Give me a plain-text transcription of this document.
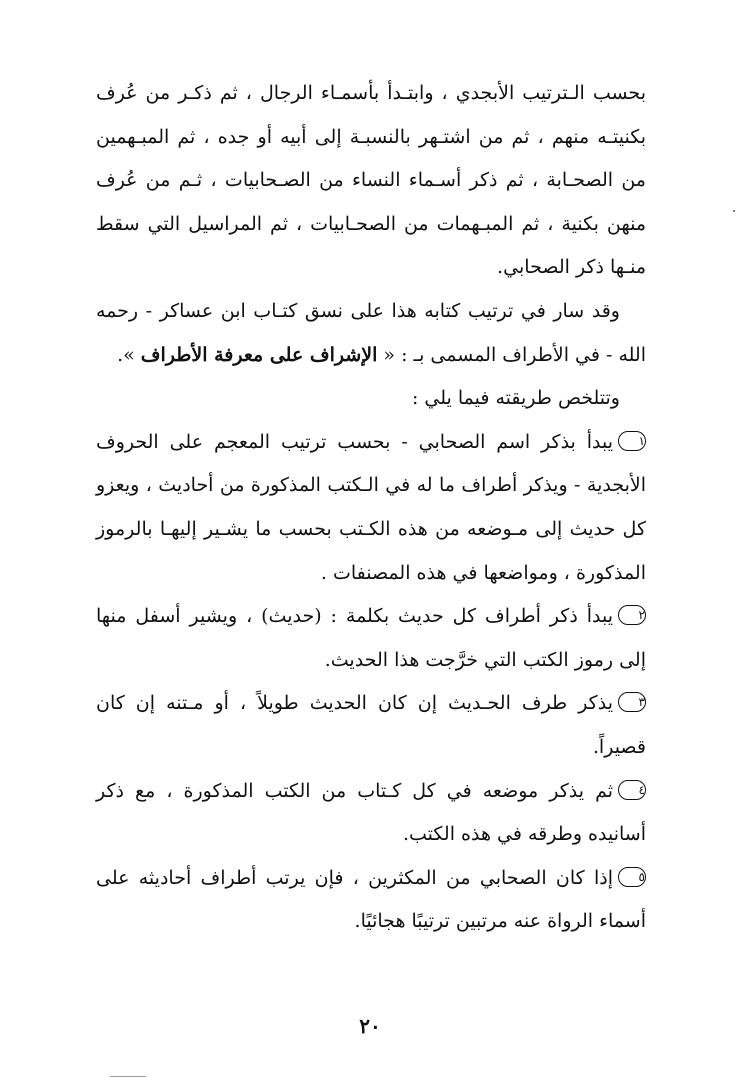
بحسب الـترتيب الأبجدي ، وابتـدأ بأسمـاء الرجال ، ثم ذكـر من عُرف بكنيتـه منهم ، ثم من اشتـهر بالنسبـة إلى أبيه أو جده ، ثم المبـهمين من الصحـابة ، ثم ذكر أسـماء النساء من الصـحابيات ، ثـم من عُرف منهن بكنية ، ثم المبـهمات من الصحـابيات ، ثم المراسيل التي سقط منـها ذكر الصحابي.

وقد سار في ترتيب كتابه هذا على نسق كتـاب ابن عساكر - رحمه الله - في الأطراف المسمى بـ : « الإشراف على معرفة الأطراف ».

وتتلخص طريقته فيما يلي :

١يبدأ بذكر اسم الصحابي - بحسب ترتيب المعجم على الحروف الأبجدية - ويذكر أطراف ما له في الـكتب المذكورة من أحاديث ، ويعزو كل حديث إلى مـوضعه من هذه الكـتب بحسب ما يشـير إليهـا بالرموز المذكورة ، ومواضعها في هذه المصنفات .

٢يبدأ ذكر أطراف كل حديث بكلمة : (حديث) ، ويشير أسفل منها إلى رموز الكتب التي خرَّجت هذا الحديث.

٣يذكر طرف الحـديث إن كان الحديث طويلاً ، أو مـتنه إن كان قصيراً.

٤ثم يذكر موضعه في كل كـتاب من الكتب المذكورة ، مع ذكر أسانيده وطرقه في هذه الكتب.

٥إذا كان الصحابي من المكثرين ، فإن يرتب أطراف أحاديثه على أسماء الرواة عنه مرتبين ترتيبًا هجائيًا.

٢٠
